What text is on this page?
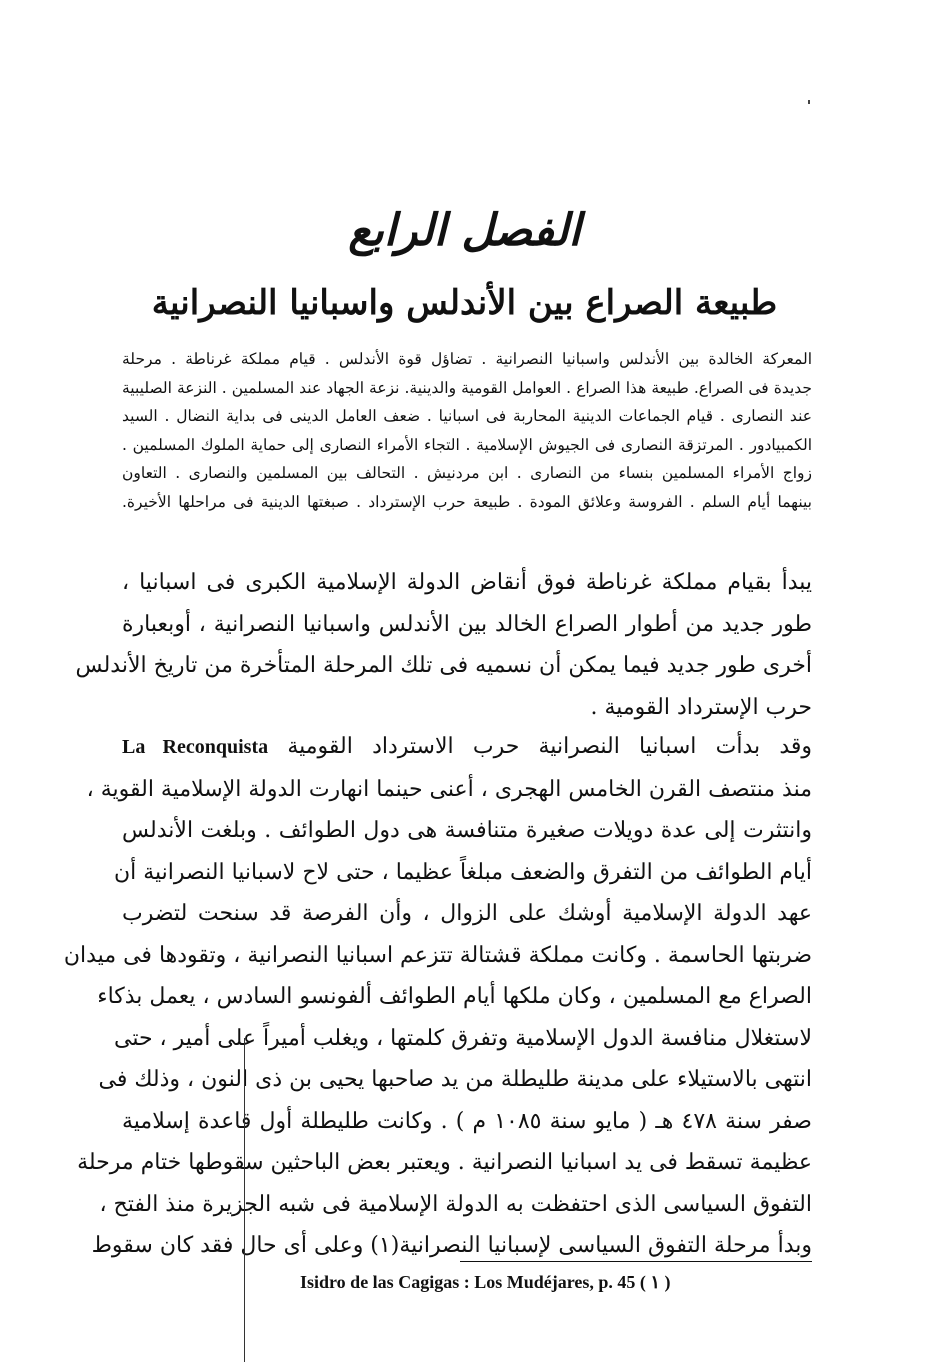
الفصل الرابع
طبيعة الصراع بين الأندلس واسبانيا النصرانية

المعركة الخالدة بين الأندلس واسبانيا النصرانية . تضاؤل قوة الأندلس . قيام مملكة غرناطة . مرحلة
جديدة فى الصراع. طبيعة هذا الصراع . العوامل القومية والدينية. نزعة الجهاد عند المسلمين . النزعة الصليبية
عند النصارى . قيام الجماعات الدينية المحاربة فى اسبانيا . ضعف العامل الدينى فى بداية النضال . السيد
الكمبيادور . المرتزقة النصارى فى الجيوش الإسلامية . التجاء الأمراء النصارى إلى حماية الملوك المسلمين .
زواج الأمراء المسلمين بنساء من النصارى . ابن مردنيش . التحالف بين المسلمين والنصارى . التعاون
بينهما أيام السلم . الفروسة وعلائق المودة . طبيعة حرب الإسترداد . صبغتها الدينية فى مراحلها الأخيرة.

يبدأ بقيام مملكة غرناطة فوق أنقاض الدولة الإسلامية الكبرى فى اسبانيا ،
طور جديد من أطوار الصراع الخالد بين الأندلس واسبانيا النصرانية ، أوبعبارة
أخرى طور جديد فيما يمكن أن نسميه فى تلك المرحلة المتأخرة من تاريخ الأندلس
حرب الإسترداد القومية .

وقد بدأت اسبانيا النصرانية حرب الاسترداد القومية La Reconquista
منذ منتصف القرن الخامس الهجرى ، أعنى حينما انهارت الدولة الإسلامية القوية ،
وانتثرت إلى عدة دويلات صغيرة متنافسة هى دول الطوائف . وبلغت الأندلس
أيام الطوائف من التفرق والضعف مبلغاً عظيما ، حتى لاح لاسبانيا النصرانية أن
عهد الدولة الإسلامية أوشك على الزوال ، وأن الفرصة قد سنحت لتضرب
ضربتها الحاسمة . وكانت مملكة قشتالة تتزعم اسبانيا النصرانية ، وتقودها فى ميدان
الصراع مع المسلمين ، وكان ملكها أيام الطوائف ألفونسو السادس ، يعمل بذكاء
لاستغلال منافسة الدول الإسلامية وتفرق كلمتها ، ويغلب أميراً على أمير ، حتى
انتهى بالاستيلاء على مدينة طليطلة من يد صاحبها يحيى بن ذى النون ، وذلك فى
صفر سنة ٤٧٨ هـ ( مايو سنة ١٠٨٥ م ) . وكانت طليطلة أول قاعدة إسلامية
عظيمة تسقط فى يد اسبانيا النصرانية . ويعتبر بعض الباحثين سقوطها ختام مرحلة
التفوق السياسى الذى احتفظت به الدولة الإسلامية فى شبه الجزيرة منذ الفتح ،
وبدأ مرحلة التفوق السياسى لإسبانيا النصرانية(١) وعلى أى حال فقد كان سقوط

Isidro de las Cagigas : Los Mudéjares, p. 45 ( ١ )
